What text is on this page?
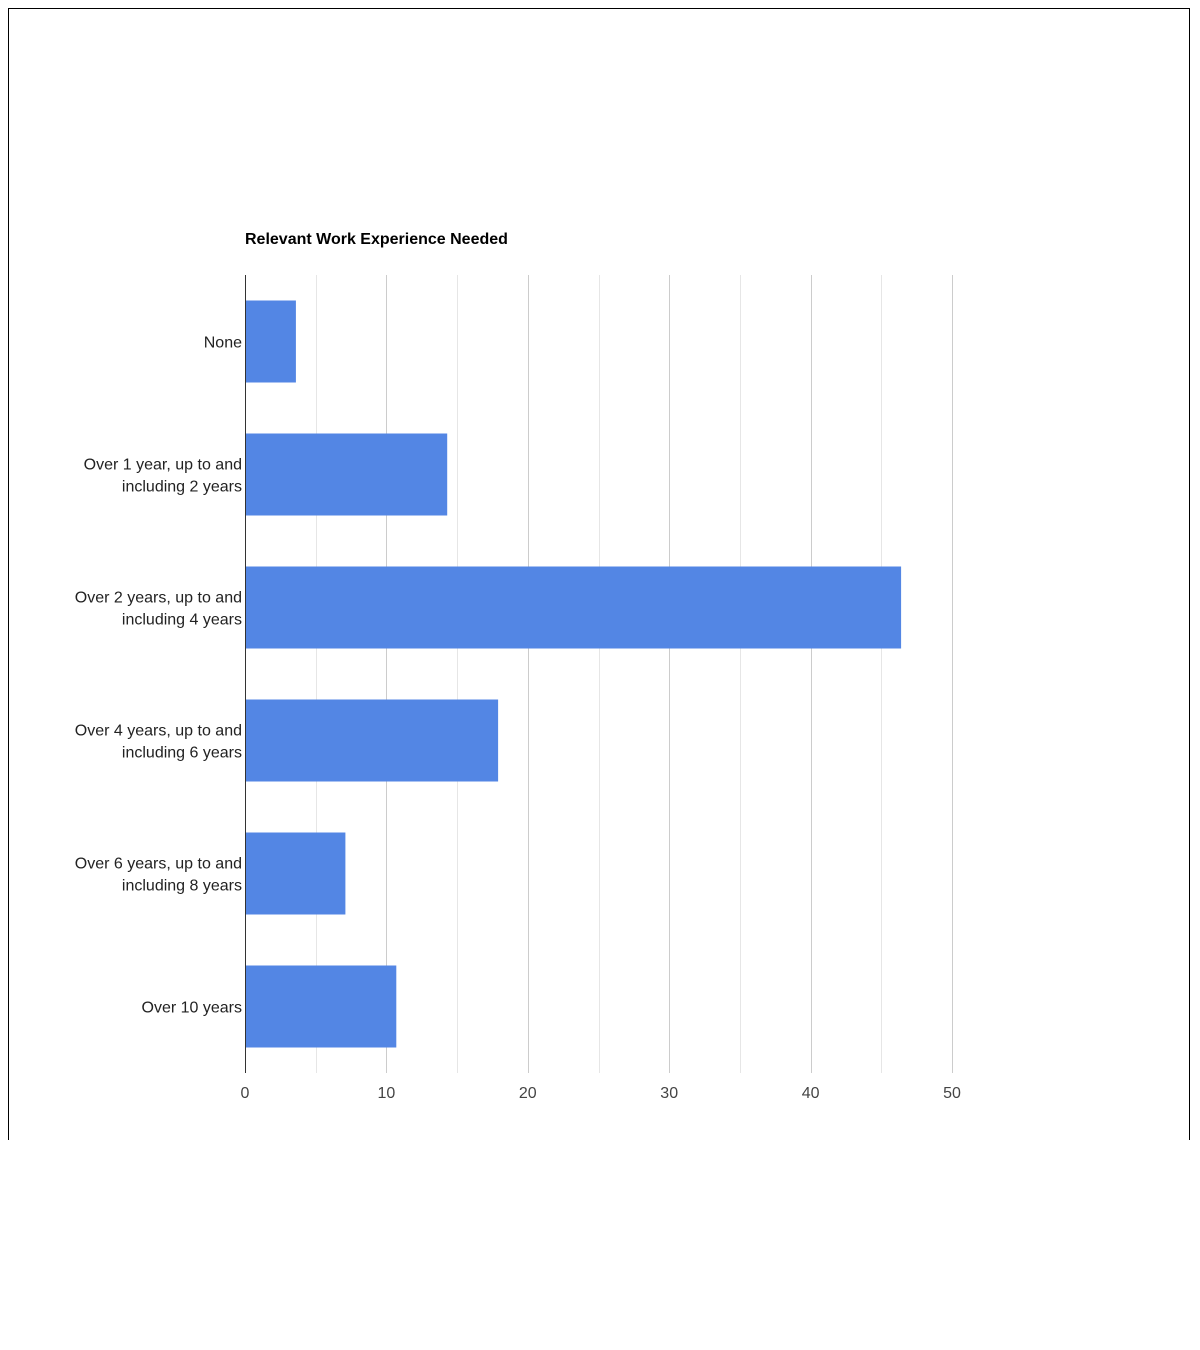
Relevant Work Experience Needed
None
Over 1 year, up to and including 2 years
Over 2 years, up to and including 4 years
Over 4 years, up to and including 6 years
Over 6 years, up to and including 8 years
Over 10 years
0	10	20	30	40	50
